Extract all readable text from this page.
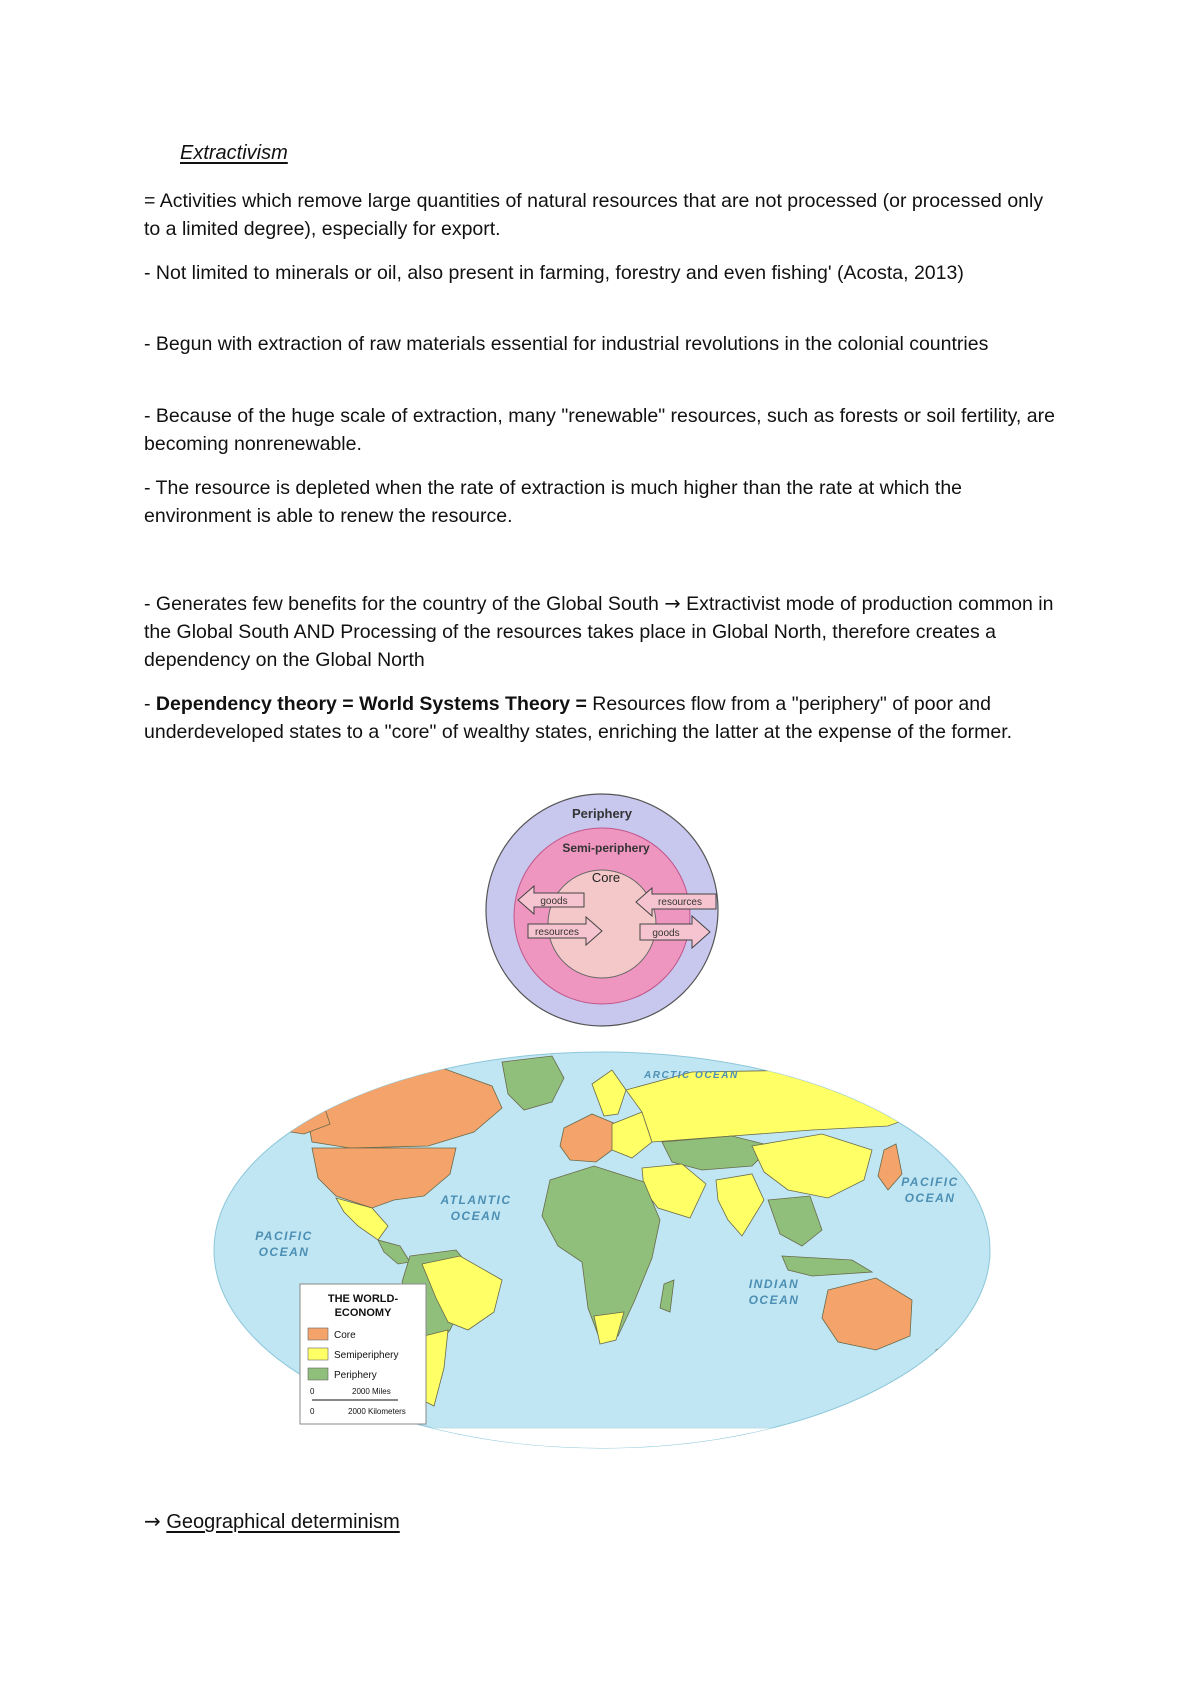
Extractivism

= Activities which remove large quantities of natural resources that are not processed (or processed only to a limited degree), especially for export.

- Not limited to minerals or oil, also present in farming, forestry and even fishing' (Acosta, 2013)

- Begun with extraction of raw materials essential for industrial revolutions in the colonial countries

- Because of the huge scale of extraction, many "renewable" resources, such as forests or soil fertility, are becoming nonrenewable.

- The resource is depleted when the rate of extraction is much higher than the rate at which the environment is able to renew the resource.

- Generates few benefits for the country of the Global South → Extractivist mode of production common in the Global South AND Processing of the resources takes place in Global North, therefore creates a dependency on the Global North

- Dependency theory = World Systems Theory = Resources flow from a "periphery" of poor and underdeveloped states to a "core" of wealthy states, enriching the latter at the expense of the former.

Periphery
Semi-periphery
Core
goods
resources
resources
goods
ARCTIC OCEAN
ATLANTIC
OCEAN
PACIFIC
OCEAN
PACIFIC
OCEAN
INDIAN
OCEAN
THE WORLD-
ECONOMY
Core
Semiperiphery
Periphery
0	2000 Miles
0	2000 Kilometers
→ Geographical determinism
